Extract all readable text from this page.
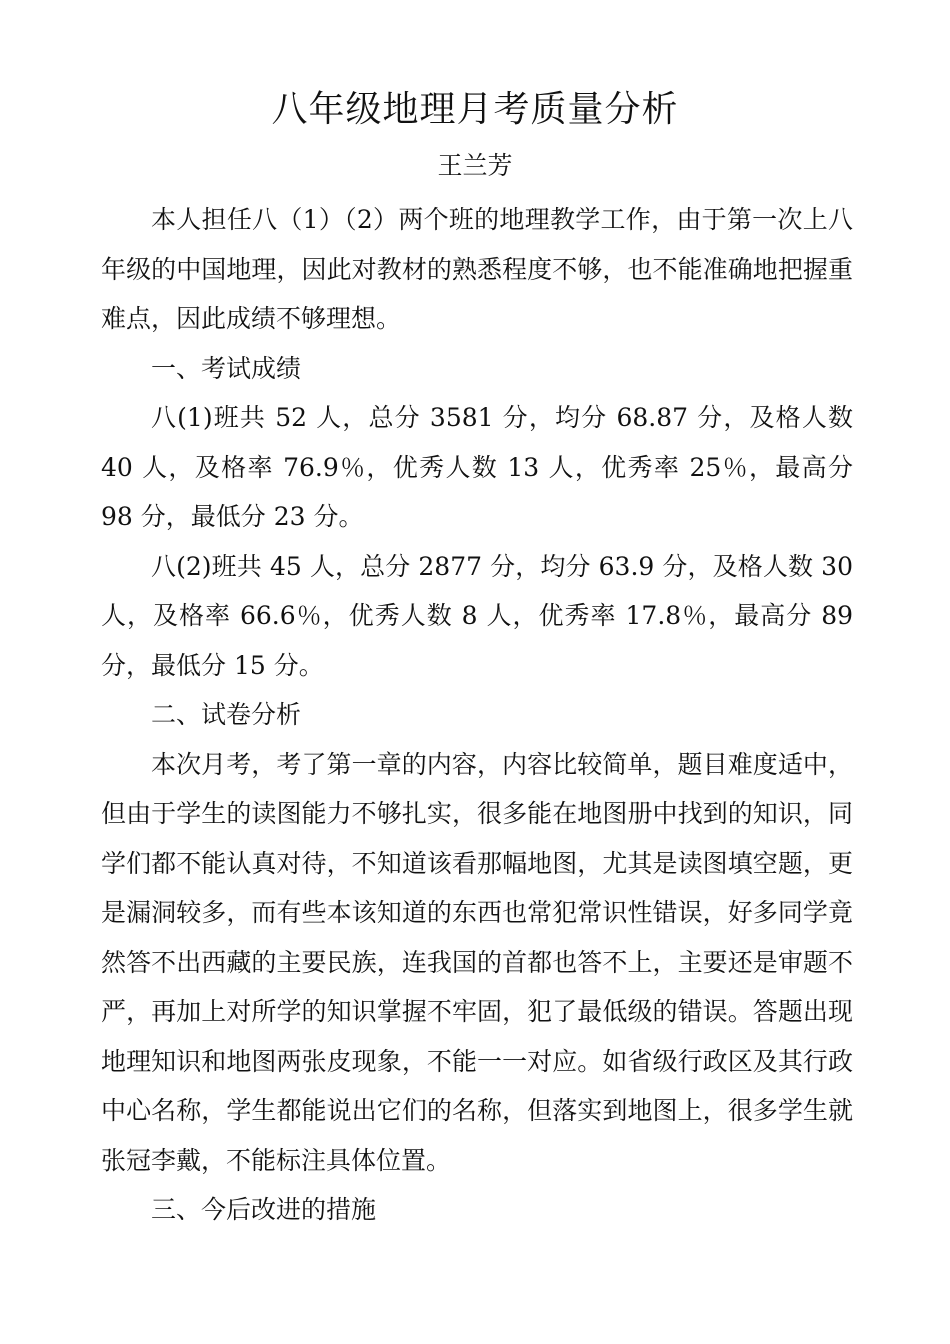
八年级地理月考质量分析
王兰芳

本人担任八（1）（2）两个班的地理教学工作，由于第一次上八年级的中国地理，因此对教材的熟悉程度不够，也不能准确地把握重难点，因此成绩不够理想。

一、考试成绩

八(1)班共 52 人，总分 3581 分，均分 68.87 分，及格人数 40 人，及格率 76.9％，优秀人数 13 人，优秀率 25％，最高分 98 分，最低分 23 分。

八(2)班共 45 人，总分 2877 分，均分 63.9 分，及格人数 30 人，及格率 66.6％，优秀人数 8 人，优秀率 17.8％，最高分 89 分，最低分 15 分。

二、试卷分析

本次月考，考了第一章的内容，内容比较简单，题目难度适中，但由于学生的读图能力不够扎实，很多能在地图册中找到的知识，同学们都不能认真对待，不知道该看那幅地图，尤其是读图填空题，更是漏洞较多，而有些本该知道的东西也常犯常识性错误，好多同学竟然答不出西藏的主要民族，连我国的首都也答不上，主要还是审题不严，再加上对所学的知识掌握不牢固，犯了最低级的错误。答题出现地理知识和地图两张皮现象，不能一一对应。如省级行政区及其行政中心名称，学生都能说出它们的名称，但落实到地图上，很多学生就张冠李戴，不能标注具体位置。

三、今后改进的措施
